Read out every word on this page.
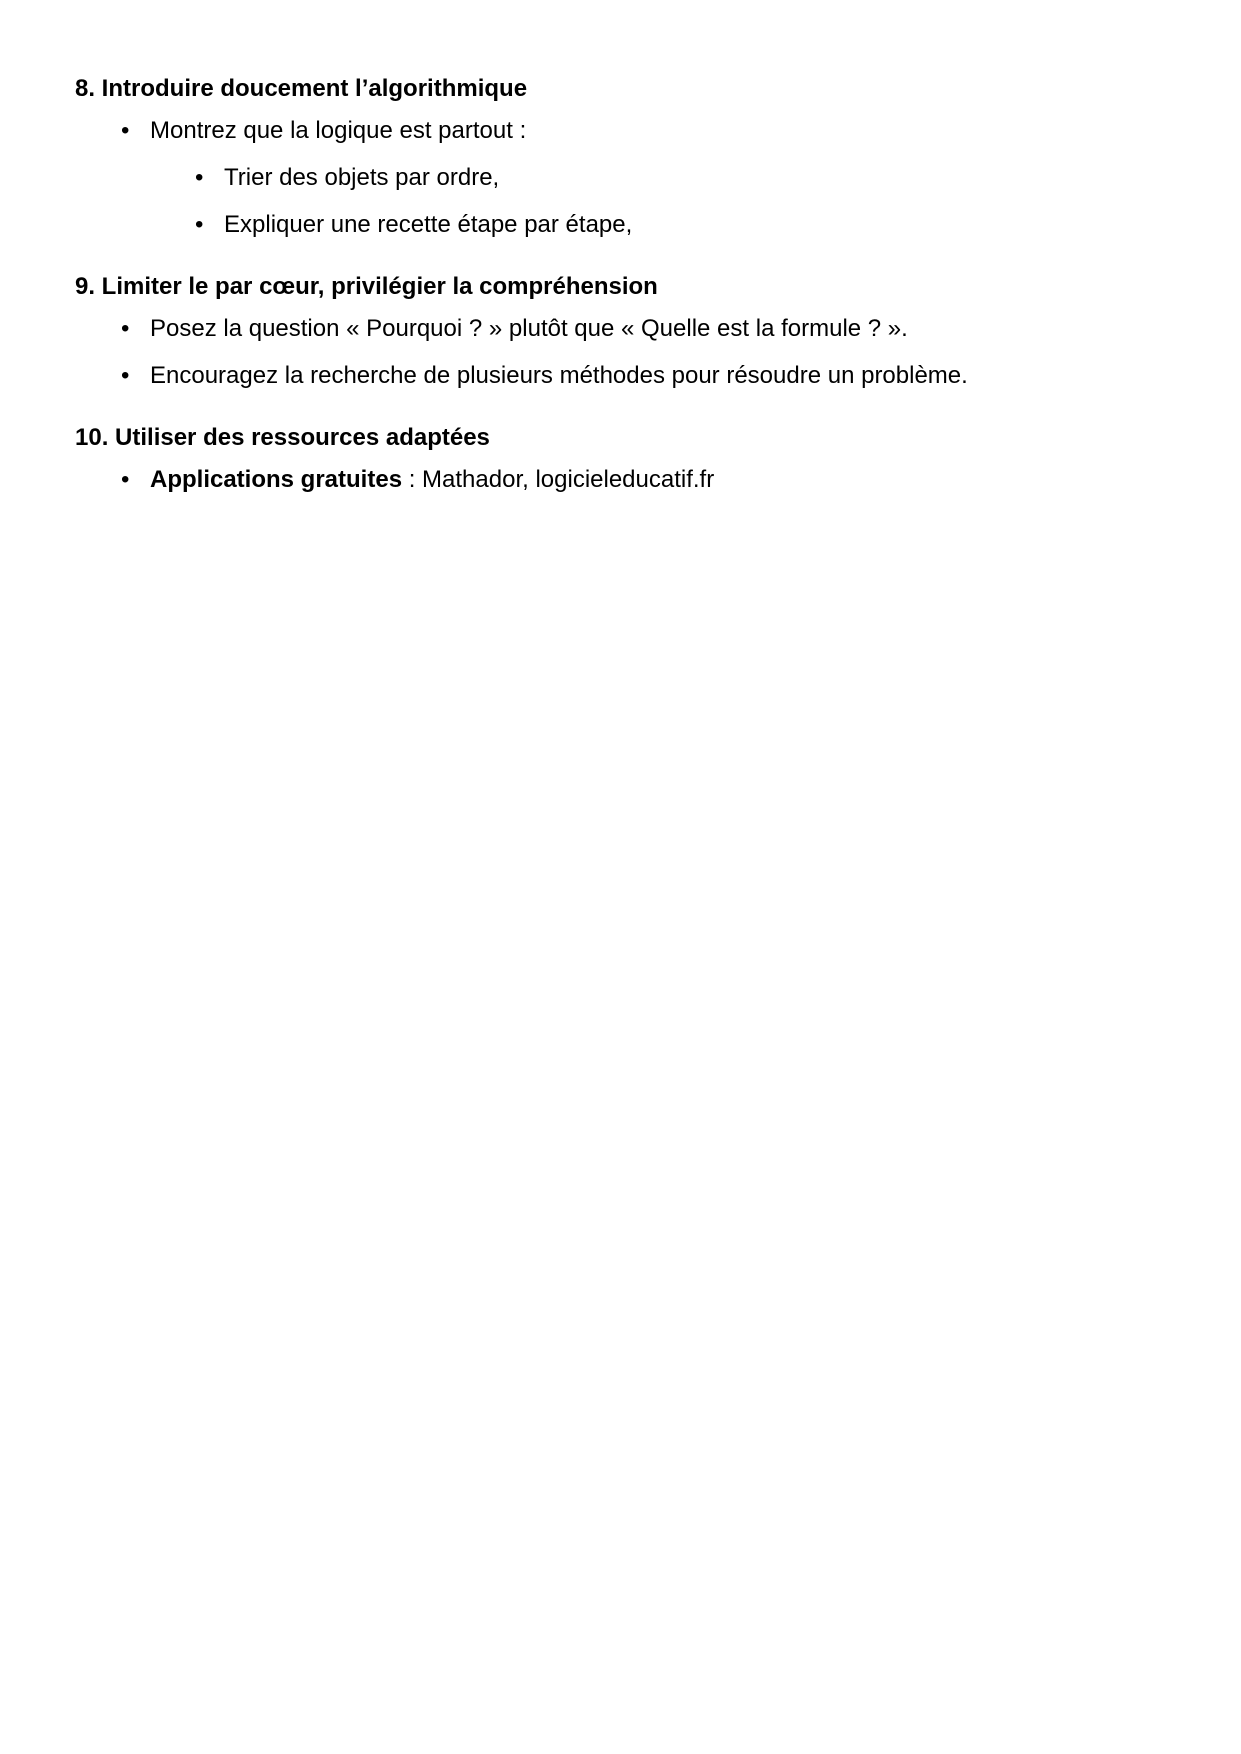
8. Introduire doucement l’algorithmique
• Montrez que la logique est partout :
• Trier des objets par ordre,
• Expliquer une recette étape par étape,
9. Limiter le par cœur, privilégier la compréhension
• Posez la question « Pourquoi ? » plutôt que « Quelle est la formule ? ».
• Encouragez la recherche de plusieurs méthodes pour résoudre un problème.
10. Utiliser des ressources adaptées
• Applications gratuites : Mathador, logicieleducatif.fr
